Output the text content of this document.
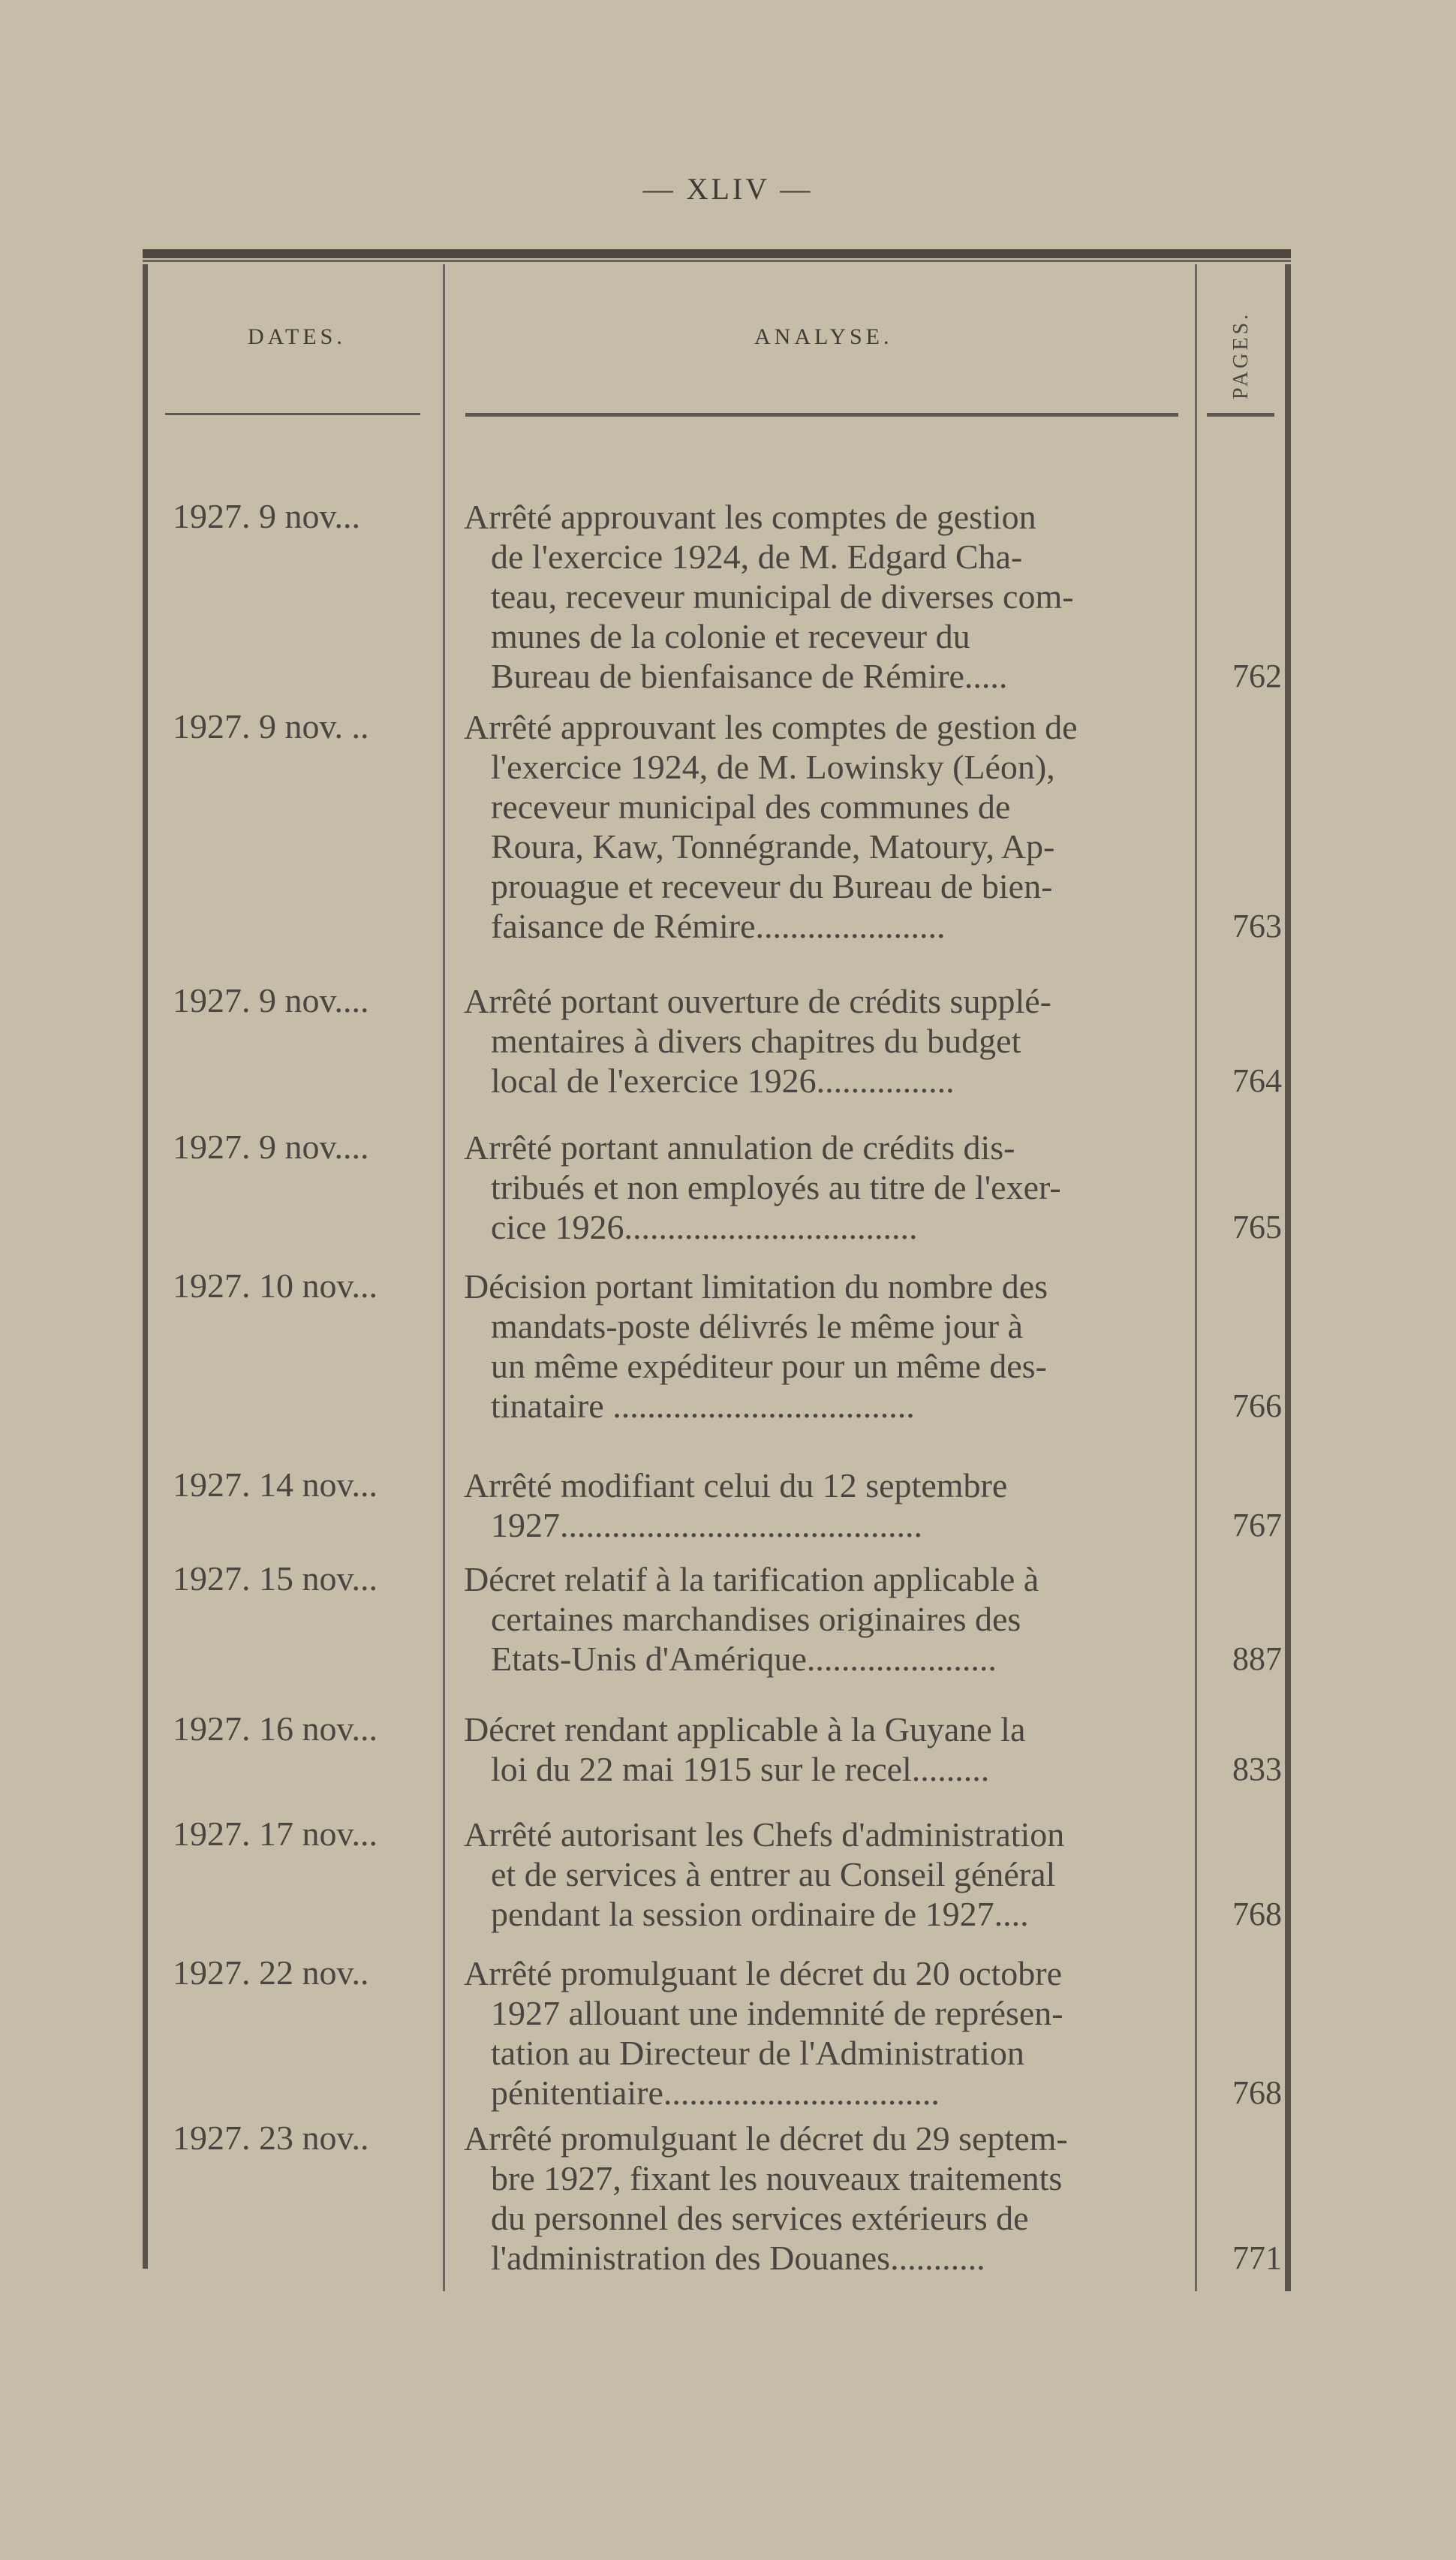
— XLIV —
DATES.	ANALYSE.	PAGES.
1927. 9 nov...	Arrêté approuvant les comptes de gestion
de l'exercice 1924, de M. Edgard Cha-
teau, receveur municipal de diverses com-
munes de la colonie et receveur du
Bureau de bienfaisance de Rémire.....	762
1927. 9 nov. ..	Arrêté approuvant les comptes de gestion de
l'exercice 1924, de M. Lowinsky (Léon),
receveur municipal des communes de
Roura, Kaw, Tonnégrande, Matoury, Ap-
prouague et receveur du Bureau de bien-
faisance de Rémire......................	763
1927. 9 nov....	Arrêté portant ouverture de crédits supplé-
mentaires à divers chapitres du budget
local de l'exercice 1926................	764
1927. 9 nov....	Arrêté portant annulation de crédits dis-
tribués et non employés au titre de l'exer-
cice 1926..................................	765
1927. 10 nov... Décision portant limitation du nombre des
mandats-poste délivrés le même jour à
un même expéditeur pour un même des-
tinataire ...................................	766
1927. 14 nov... Arrêté modifiant celui du 12 septembre
1927..........................................	767
1927. 15 nov... Décret relatif à la tarification applicable à
certaines marchandises originaires des
Etats-Unis d'Amérique......................	887
1927. 16 nov... Décret rendant applicable à la Guyane la
loi du 22 mai 1915 sur le recel.........	833
1927. 17 nov... Arrêté autorisant les Chefs d'administration
et de services à entrer au Conseil général
pendant la session ordinaire de 1927....	768
1927. 22 nov..	Arrêté promulguant le décret du 20 octobre
1927 allouant une indemnité de représen-
tation au Directeur de l'Administration
pénitentiaire................................	768
1927. 23 nov..	Arrêté promulguant le décret du 29 septem-
bre 1927, fixant les nouveaux traitements
du personnel des services extérieurs de
l'administration des Douanes...........	771
